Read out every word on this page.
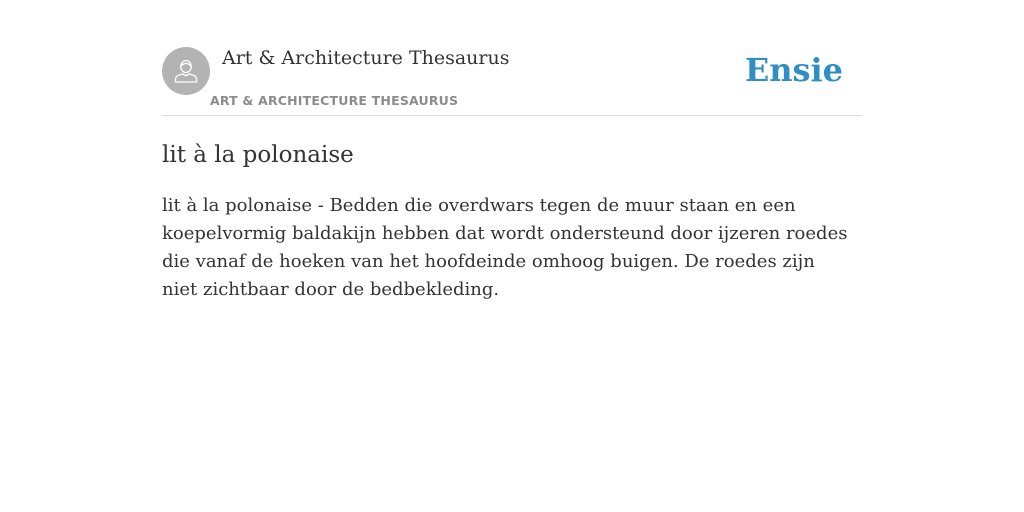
Art & Architecture Thesaurus

ART & ARCHITECTURE THESAURUS
Ensie
lit à la polonaise

lit à la polonaise - Bedden die overdwars tegen de muur staan en een koepelvormig baldakijn hebben dat wordt ondersteund door ijzeren roedes die vanaf de hoeken van het hoofdeinde omhoog buigen. De roedes zijn niet zichtbaar door de bedbekleding.
